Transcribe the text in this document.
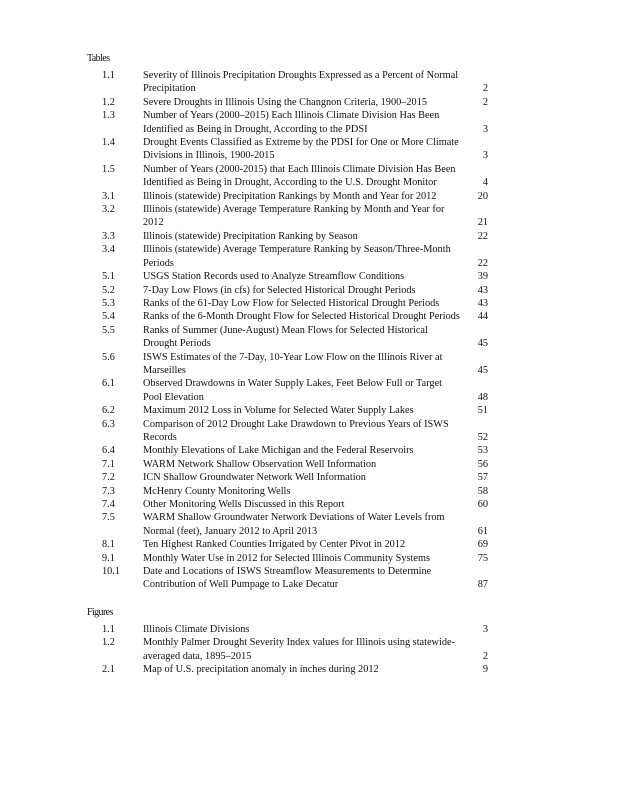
Tables
1.1	Severity of Illinois Precipitation Droughts Expressed as a Percent of Normal Precipitation	2
1.2	Severe Droughts in Illinois Using the Changnon Criteria, 1900–2015	2
1.3	Number of Years (2000–2015) Each Illinois Climate Division Has Been Identified as Being in Drought, According to the PDSI	3
1.4	Drought Events Classified as Extreme by the PDSI for One or More Climate Divisions in Illinois, 1900-2015	3
1.5	Number of Years (2000-2015) that Each Illinois Climate Division Has Been Identified as Being in Drought, According to the U.S. Drought Monitor	4
3.1	Illinois (statewide) Precipitation Rankings by Month and Year for 2012	20
3.2	Illinois (statewide) Average Temperature Ranking by Month and Year for 2012	21
3.3	Illinois (statewide) Precipitation Ranking by Season	22
3.4	Illinois (statewide) Average Temperature Ranking by Season/Three-Month Periods	22
5.1	USGS Station Records used to Analyze Streamflow Conditions	39
5.2	7-Day Low Flows (in cfs) for Selected Historical Drought Periods	43
5.3	Ranks of the 61-Day Low Flow for Selected Historical Drought Periods	43
5.4	Ranks of the 6-Month Drought Flow for Selected Historical Drought Periods	44
5.5	Ranks of Summer (June-August) Mean Flows for Selected Historical Drought Periods	45
5.6	ISWS Estimates of the 7-Day, 10-Year Low Flow on the Illinois River at Marseilles	45
6.1	Observed Drawdowns in Water Supply Lakes, Feet Below Full or Target Pool Elevation	48
6.2	Maximum 2012 Loss in Volume for Selected Water Supply Lakes	51
6.3	Comparison of 2012 Drought Lake Drawdown to Previous Years of ISWS Records	52
6.4	Monthly Elevations of Lake Michigan and the Federal Reservoirs	53
7.1	WARM Network Shallow Observation Well Information	56
7.2	ICN Shallow Groundwater Network Well Information	57
7.3	McHenry County Monitoring Wells	58
7.4	Other Monitoring Wells Discussed in this Report	60
7.5	WARM Shallow Groundwater Network Deviations of Water Levels from Normal (feet), January 2012 to April 2013	61
8.1	Ten Highest Ranked Counties Irrigated by Center Pivot in 2012	69
9.1	Monthly Water Use in 2012 for Selected Illinois Community Systems	75
10.1	Date and Locations of ISWS Streamflow Measurements to Determine Contribution of Well Pumpage to Lake Decatur	87
Figures
1.1	Illinois Climate Divisions	3
1.2	Monthly Palmer Drought Severity Index values for Illinois using statewide-averaged data, 1895–2015	2
2.1	Map of U.S. precipitation anomaly in inches during 2012	9
